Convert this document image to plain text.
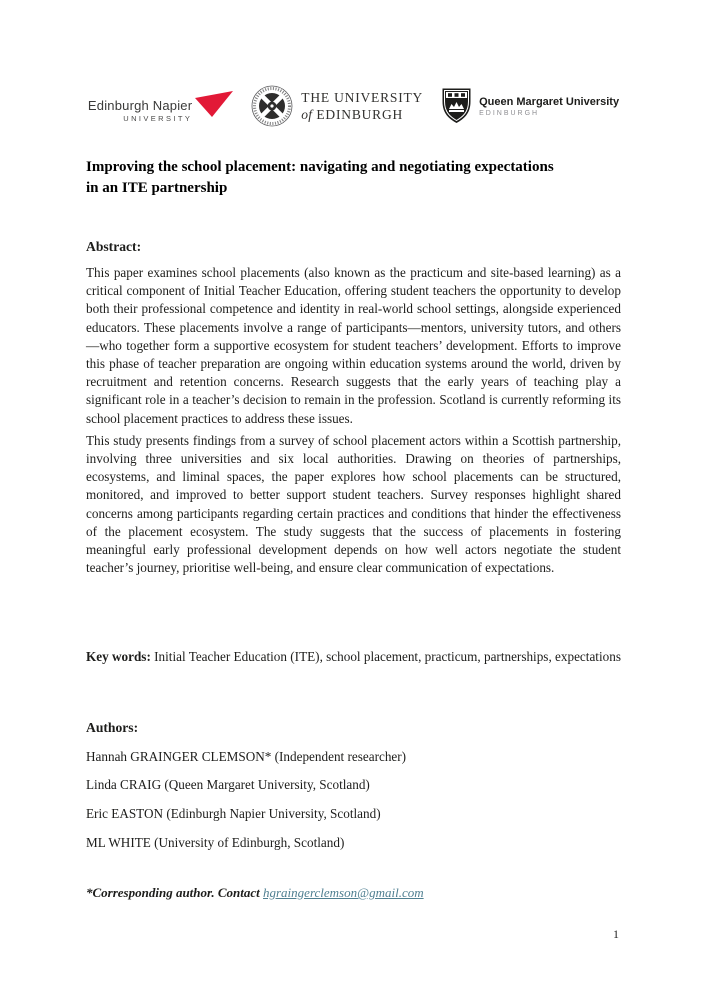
Edinburgh Napier
UNIVERSITY
THE UNIVERSITY
of EDINBURGH
Queen Margaret University
EDINBURGH
Improving the school placement: navigating and negotiating expectations
in an ITE partnership
Abstract:

This paper examines school placements (also known as the practicum and site-based learning) as a critical component of Initial Teacher Education, offering student teachers the opportunity to develop both their professional competence and identity in real-world school settings, alongside experienced educators. These placements involve a range of participants—mentors, university tutors, and others—who together form a supportive ecosystem for student teachers’ development. Efforts to improve this phase of teacher preparation are ongoing within education systems around the world, driven by recruitment and retention concerns. Research suggests that the early years of teaching play a significant role in a teacher’s decision to remain in the profession. Scotland is currently reforming its school placement practices to address these issues.

This study presents findings from a survey of school placement actors within a Scottish partnership, involving three universities and six local authorities. Drawing on theories of partnerships, ecosystems, and liminal spaces, the paper explores how school placements can be structured, monitored, and improved to better support student teachers. Survey responses highlight shared concerns among participants regarding certain practices and conditions that hinder the effectiveness of the placement ecosystem. The study suggests that the success of placements in fostering meaningful early professional development depends on how well actors negotiate the student teacher’s journey, prioritise well-being, and ensure clear communication of expectations.

Key words: Initial Teacher Education (ITE), school placement, practicum, partnerships, expectations

Authors:

Hannah GRAINGER CLEMSON* (Independent researcher)

Linda CRAIG (Queen Margaret University, Scotland)

Eric EASTON (Edinburgh Napier University, Scotland)

ML WHITE (University of Edinburgh, Scotland)

*Corresponding author. Contact hgraingerclemson@gmail.com
1
